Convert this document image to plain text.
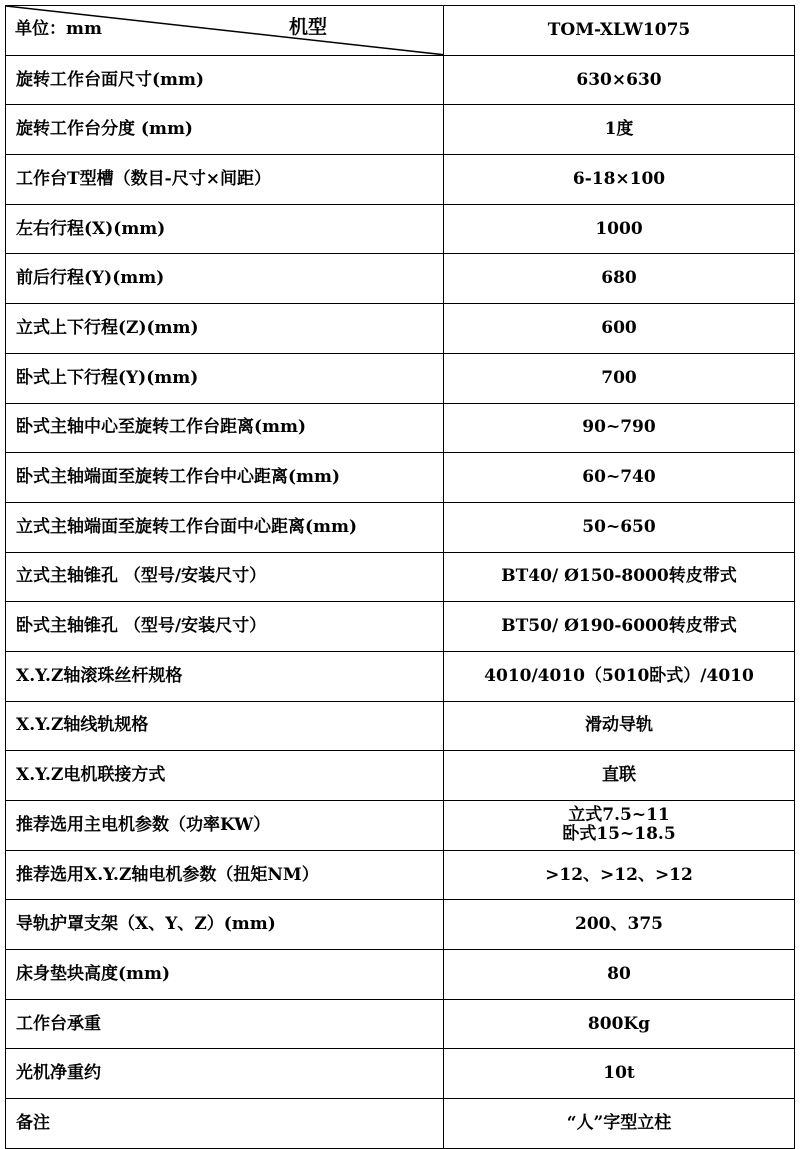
单位：mm 机型	TOM-XLW1075
旋转工作台面尺寸(mm)	630×630
旋转工作台分度 (mm)	1度
工作台T型槽（数目-尺寸×间距）	6-18×100
左右行程(X)(mm)	1000
前后行程(Y)(mm)	680
立式上下行程(Z)(mm)	600
卧式上下行程(Y)(mm)	700
卧式主轴中心至旋转工作台距离(mm)	90~790
卧式主轴端面至旋转工作台中心距离(mm)	60~740
立式主轴端面至旋转工作台面中心距离(mm)	50~650
立式主轴锥孔 （型号/安装尺寸）	BT40/ Ø150-8000转皮带式
卧式主轴锥孔 （型号/安装尺寸）	BT50/ Ø190-6000转皮带式
X.Y.Z轴滚珠丝杆规格	4010/4010（5010卧式）/4010
X.Y.Z轴线轨规格	滑动导轨
X.Y.Z电机联接方式	直联
推荐选用主电机参数（功率KW）	立式7.5~11
卧式15~18.5

推荐选用X.Y.Z轴电机参数（扭矩NM）	>12、>12、>12
导轨护罩支架（X、Y、Z）(mm)	200、375
床身垫块高度(mm)	80
工作台承重	800Kg
光机净重约	10t
备注	“人”字型立柱
